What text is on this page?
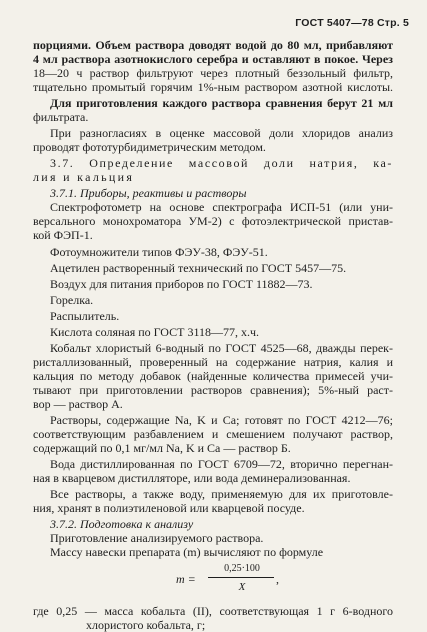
ГОСТ 5407—78 Стр. 5
порциями. Объем раствора доводят водой до 80 мл, прибавляют
4 мл раствора азотнокислого серебра и оставляют в покое. Через
18—20 ч раствор фильтруют через плотный беззольный фильтр,
тщательно промытый горячим 1%-ным раствором азотной кислоты.
Для приготовления каждого раствора сравнения берут 21 мл
фильтрата.
При разногласиях в оценке массовой доли хлоридов анализ
проводят фототурбидиметрическим методом.
3.7. Определение массовой доли натрия, ка-
лия и кальция
3.7.1. Приборы, реактивы и растворы
Спектрофотометр на основе спектрографа ИСП-51 (или уни-
версального монохроматора УМ-2) с фотоэлектрической пристав-
кой ФЭП-1.
Фотоумножители типов ФЭУ-38, ФЭУ-51.
Ацетилен растворенный технический по ГОСТ 5457—75.
Воздух для питания приборов по ГОСТ 11882—73.
Горелка.
Распылитель.
Кислота соляная по ГОСТ 3118—77, х.ч.
Кобальт хлористый 6-водный по ГОСТ 4525—68, дважды перек-
ристаллизованный, проверенный на содержание натрия, калия и
кальция по методу добавок (найденные количества примесей учи-
тывают при приготовлении растворов сравнения); 5%-ный раст-
вор — раствор А.
Растворы, содержащие Na, K и Ca; готовят по ГОСТ 4212—76;
соответствующим разбавлением и смешением получают раствор,
содержащий по 0,1 мг/мл Na, K и Ca — раствор Б.
Вода дистиллированная по ГОСТ 6709—72, вторично перегнан-
ная в кварцевом дистилляторе, или вода деминерализованная.
Все растворы, а также воду, применяемую для их приготовле-
ния, хранят в полиэтиленовой или кварцевой посуде.
3.7.2. Подготовка к анализу
Приготовление анализируемого раствора.
Массу навески препарата (m) вычисляют по формуле
m =
0,25·100
X
,
где 0,25 — масса кобальта (II), соответствующая 1 г 6-водного
хлористого кобальта, г;
